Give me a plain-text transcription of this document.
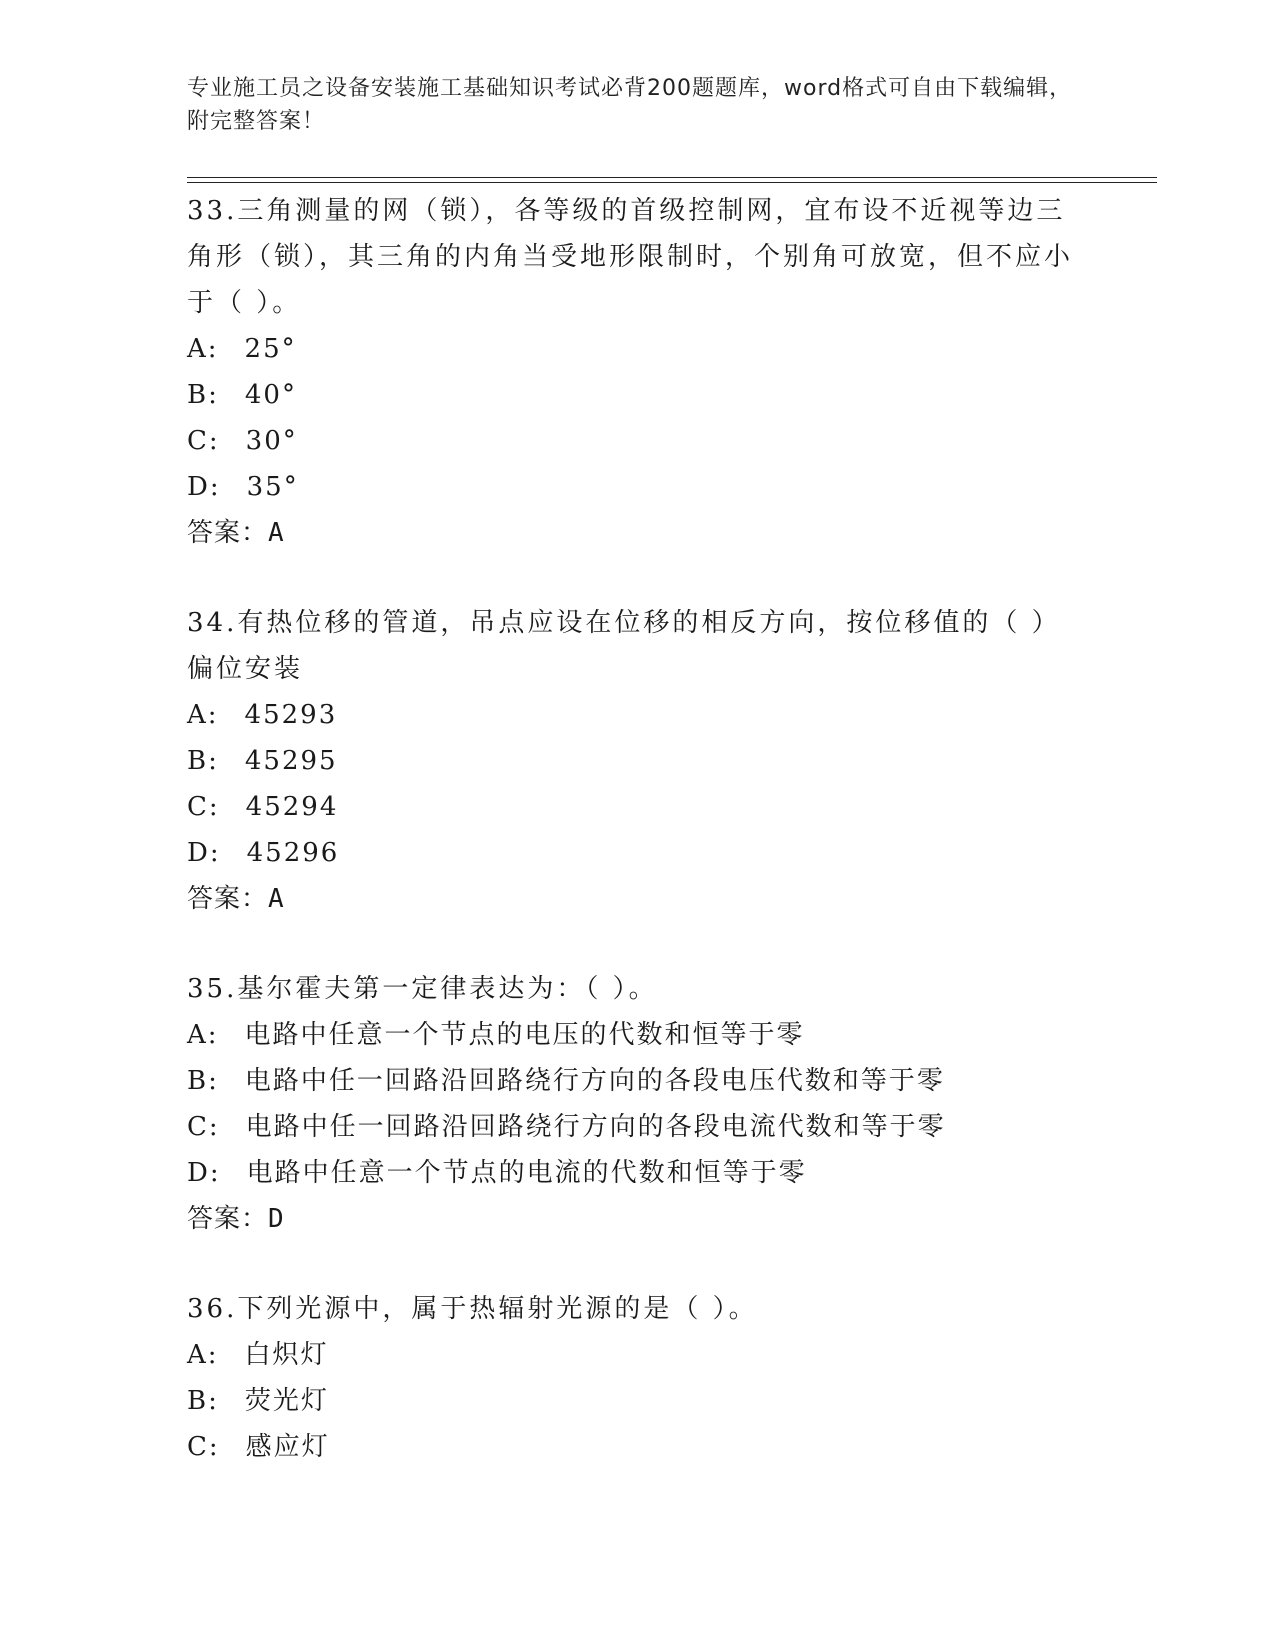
专业施工员之设备安装施工基础知识考试必背200题题库，word格式可自由下载编辑，附完整答案！

33.三角测量的网（锁），各等级的首级控制网，宜布设不近视等边三角形（锁），其三角的内角当受地形限制时，个别角可放宽，但不应小于（ ）。

A: 25°

B: 40°

C: 30°

D: 35°

答案：A

34.有热位移的管道，吊点应设在位移的相反方向，按位移值的（ ）偏位安装

A: 45293

B: 45295

C: 45294

D: 45296

答案：A

35.基尔霍夫第一定律表达为：（ ）。

A: 电路中任意一个节点的电压的代数和恒等于零

B: 电路中任一回路沿回路绕行方向的各段电压代数和等于零

C: 电路中任一回路沿回路绕行方向的各段电流代数和等于零

D: 电路中任意一个节点的电流的代数和恒等于零

答案：D

36.下列光源中，属于热辐射光源的是（ ）。

A: 白炽灯

B: 荧光灯

C: 感应灯
